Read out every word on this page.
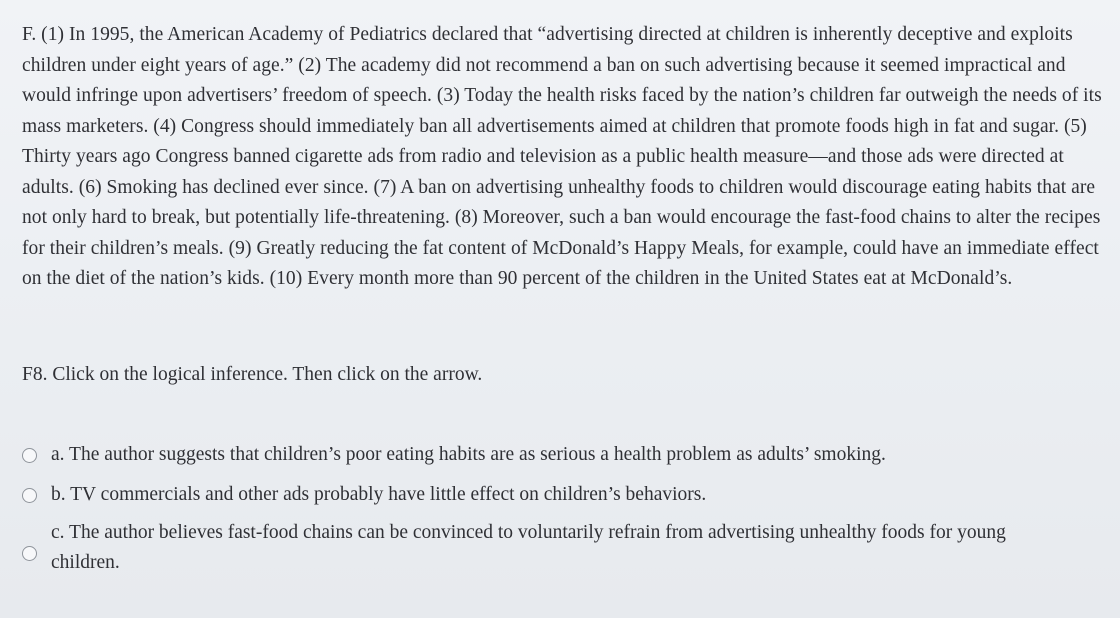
F. (1) In 1995, the American Academy of Pediatrics declared that “advertising directed at children is inherently deceptive and exploits children under eight years of age.” (2) The academy did not recommend a ban on such advertising because it seemed impractical and would infringe upon advertisers’ freedom of speech. (3) Today the health risks faced by the nation’s children far outweigh the needs of its mass marketers. (4) Congress should immediately ban all advertisements aimed at children that promote foods high in fat and sugar. (5) Thirty years ago Congress banned cigarette ads from radio and television as a public health measure—and those ads were directed at adults. (6) Smoking has declined ever since. (7) A ban on advertising unhealthy foods to children would discourage eating habits that are not only hard to break, but potentially life-threatening. (8) Moreover, such a ban would encourage the fast-food chains to alter the recipes for their children’s meals. (9) Greatly reducing the fat content of McDonald’s Happy Meals, for example, could have an immediate effect on the diet of the nation’s kids. (10) Every month more than 90 percent of the children in the United States eat at McDonald’s.

F8. Click on the logical inference. Then click on the arrow.

a. The author suggests that children’s poor eating habits are as serious a health problem as adults’ smoking.
b. TV commercials and other ads probably have little effect on children’s behaviors.
c. The author believes fast-food chains can be convinced to voluntarily refrain from advertising unhealthy foods for young children.
